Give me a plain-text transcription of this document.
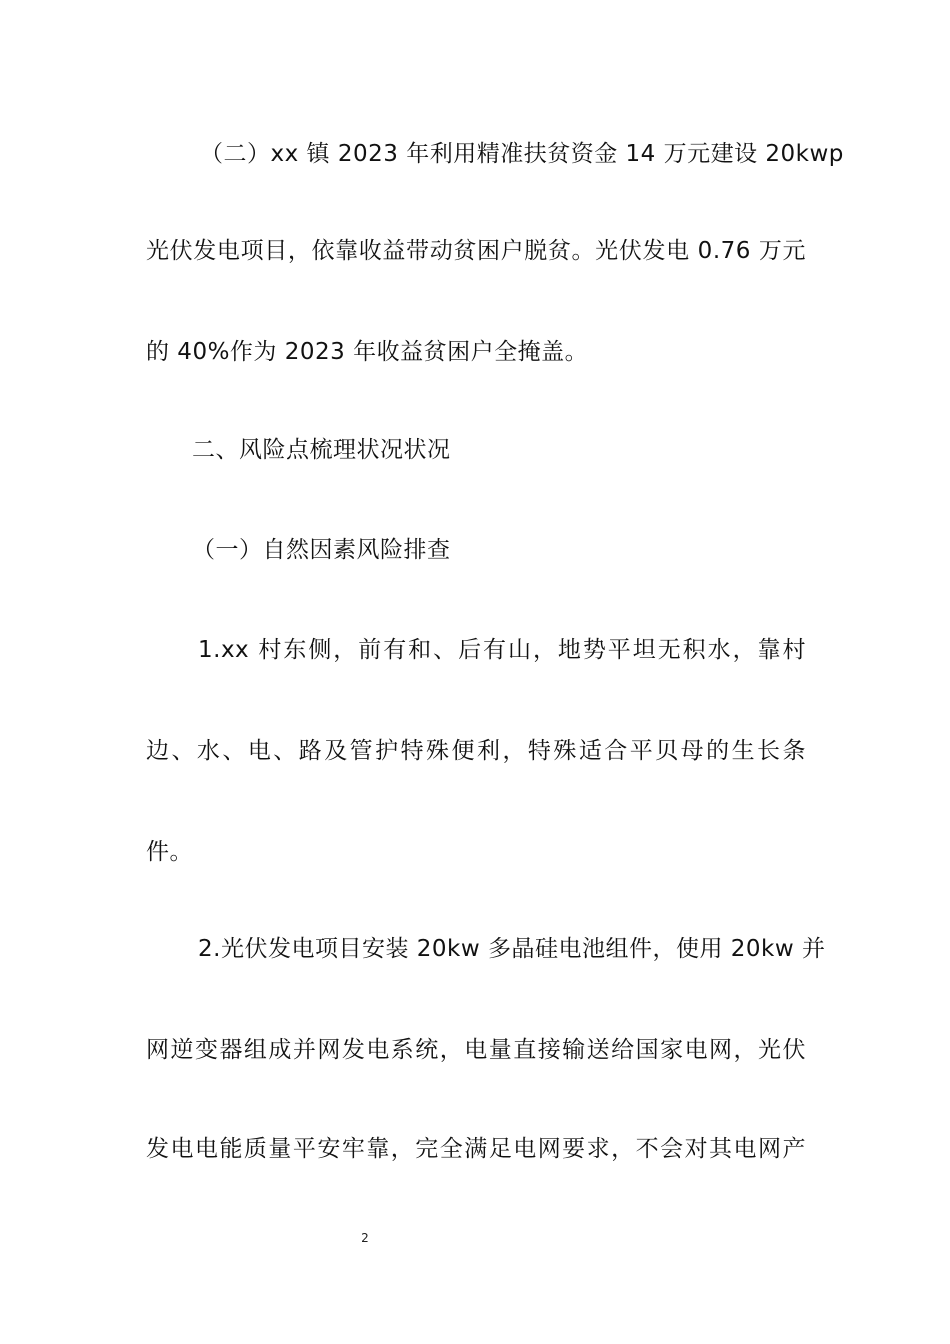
（二）xx 镇 2023 年利用精准扶贫资金 14 万元建设 20kwp
光伏发电项目，依靠收益带动贫困户脱贫。光伏发电 0.76 万元
的 40%作为 2023 年收益贫困户全掩盖。
二、风险点梳理状况状况
（一）自然因素风险排查
1.xx 村东侧，前有和、后有山，地势平坦无积水，靠村
边、水、电、路及管护特殊便利，特殊适合平贝母的生长条
件。
2.光伏发电项目安装 20kw 多晶硅电池组件，使用 20kw 并
网逆变器组成并网发电系统，电量直接输送给国家电网，光伏
发电电能质量平安牢靠，完全满足电网要求，不会对其电网产
2
